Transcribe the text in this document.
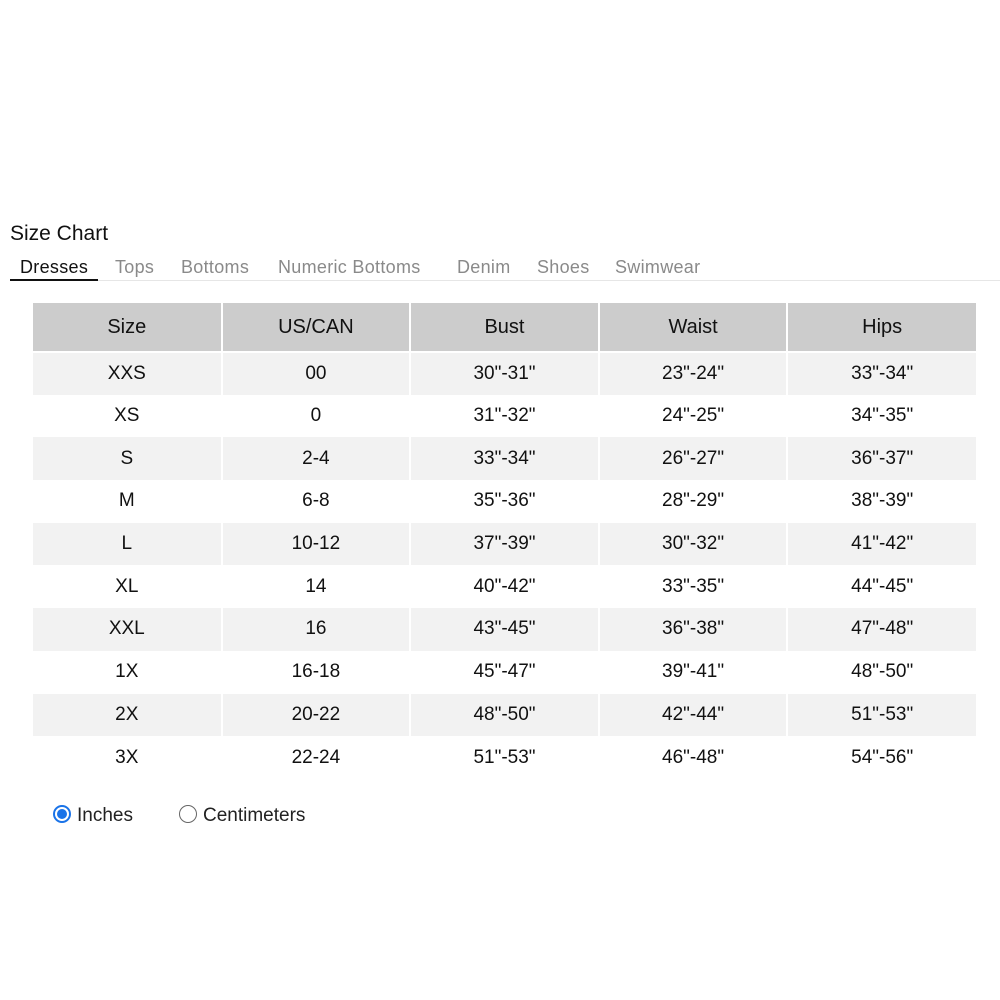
Size Chart
Dresses	Tops Bottoms Numeric Bottoms Denim Shoes Swimwear
Size	US/CAN	Bust	Waist	Hips
XXS	00	30"-31"	23"-24"	33"-34"
XS	0	31"-32"	24"-25"	34"-35"
S	2-4	33"-34"	26"-27"	36"-37"
M	6-8	35"-36"	28"-29"	38"-39"
L	10-12	37"-39"	30"-32"	41"-42"
XL	14	40"-42"	33"-35"	44"-45"
XXL	16	43"-45"	36"-38"	47"-48"
1X	16-18	45"-47"	39"-41"	48"-50"
2X	20-22	48"-50"	42"-44"	51"-53"
3X	22-24	51"-53"	46"-48"	54"-56"
Inches	Centimeters
